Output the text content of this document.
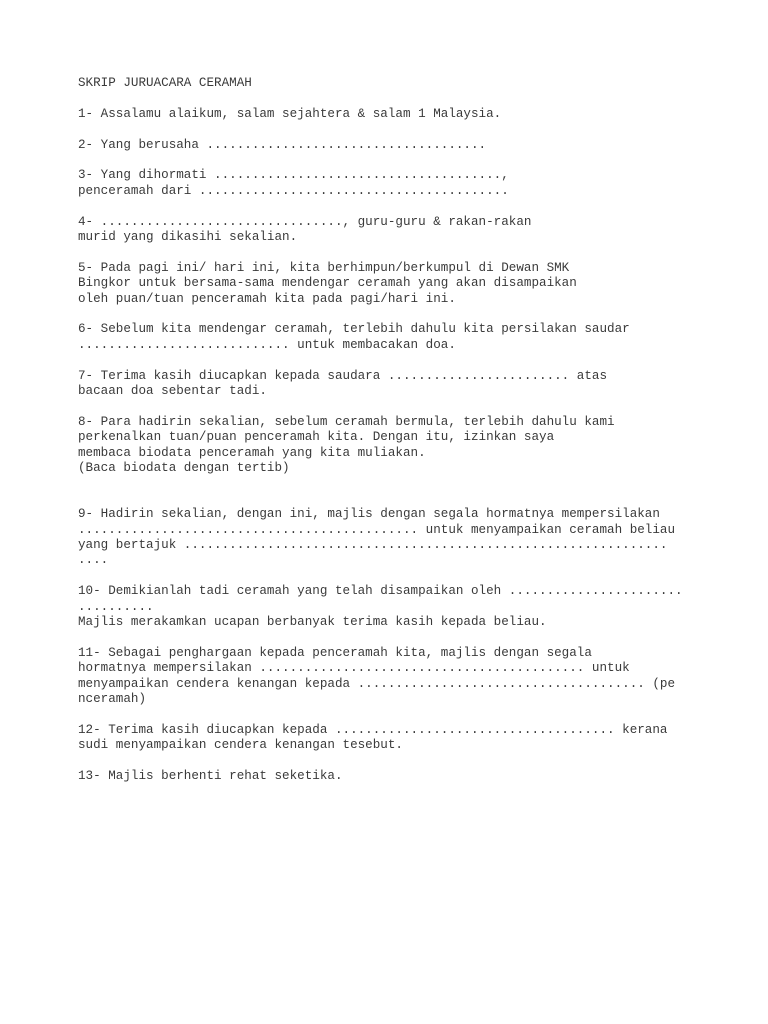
SKRIP JURUACARA CERAMAH
1- Assalamu alaikum, salam sejahtera & salam 1 Malaysia.
2- Yang berusaha .....................................
3- Yang dihormati ......................................,
penceramah dari .........................................
4- ................................, guru-guru & rakan-rakan
murid yang dikasihi sekalian.
5- Pada pagi ini/ hari ini, kita berhimpun/berkumpul di Dewan SMK
Bingkor untuk bersama-sama mendengar ceramah yang akan disampaikan
oleh puan/tuan penceramah kita pada pagi/hari ini.
6- Sebelum kita mendengar ceramah, terlebih dahulu kita persilakan saudar
............................ untuk membacakan doa.
7- Terima kasih diucapkan kepada saudara ........................ atas
bacaan doa sebentar tadi.
8- Para hadirin sekalian, sebelum ceramah bermula, terlebih dahulu kami
perkenalkan tuan/puan penceramah kita. Dengan itu, izinkan saya
membaca biodata penceramah yang kita muliakan.
(Baca biodata dengan tertib)
9- Hadirin sekalian, dengan ini, majlis dengan segala hormatnya mempersilakan
............................................. untuk menyampaikan ceramah beliau
yang bertajuk ................................................................
....
10- Demikianlah tadi ceramah yang telah disampaikan oleh .......................
..........
Majlis merakamkan ucapan berbanyak terima kasih kepada beliau.
11- Sebagai penghargaan kepada penceramah kita, majlis dengan segala
hormatnya mempersilakan ........................................... untuk
menyampaikan cendera kenangan kepada ...................................... (pe
nceramah)
12- Terima kasih diucapkan kepada ..................................... kerana
sudi menyampaikan cendera kenangan tesebut.
13- Majlis berhenti rehat seketika.
